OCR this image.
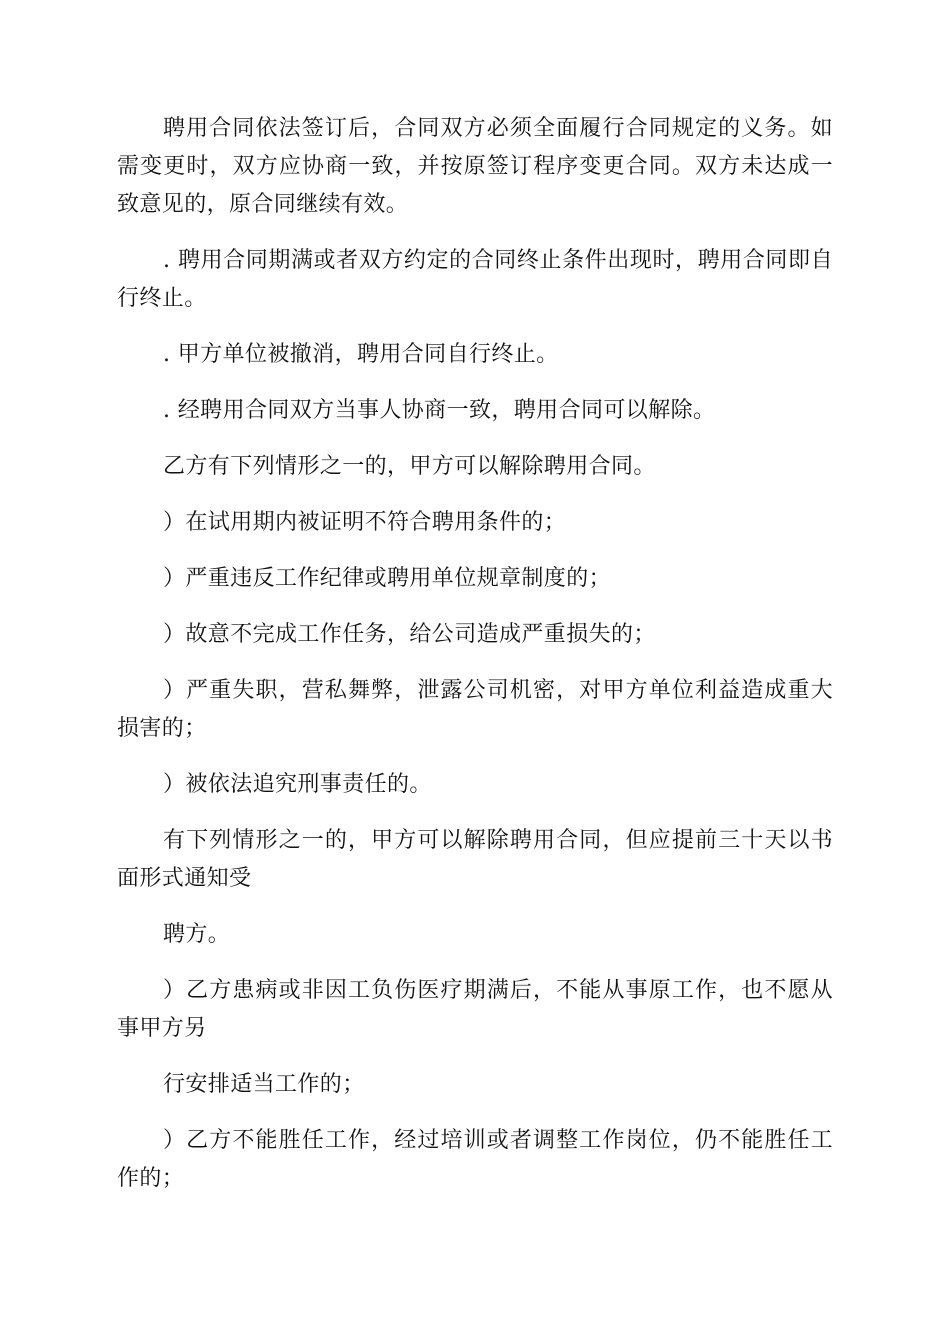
聘用合同依法签订后，合同双方必须全面履行合同规定的义务。如需变更时，双方应协商一致，并按原签订程序变更合同。双方未达成一致意见的，原合同继续有效。

. 聘用合同期满或者双方约定的合同终止条件出现时，聘用合同即自行终止。

. 甲方单位被撤消，聘用合同自行终止。

. 经聘用合同双方当事人协商一致，聘用合同可以解除。

乙方有下列情形之一的，甲方可以解除聘用合同。

）在试用期内被证明不符合聘用条件的；

）严重违反工作纪律或聘用单位规章制度的；

）故意不完成工作任务，给公司造成严重损失的；

）严重失职，营私舞弊，泄露公司机密，对甲方单位利益造成重大损害的；

）被依法追究刑事责任的。

有下列情形之一的，甲方可以解除聘用合同，但应提前三十天以书面形式通知受

聘方。

）乙方患病或非因工负伤医疗期满后，不能从事原工作，也不愿从事甲方另

行安排适当工作的；

）乙方不能胜任工作，经过培训或者调整工作岗位，仍不能胜任工作的；
